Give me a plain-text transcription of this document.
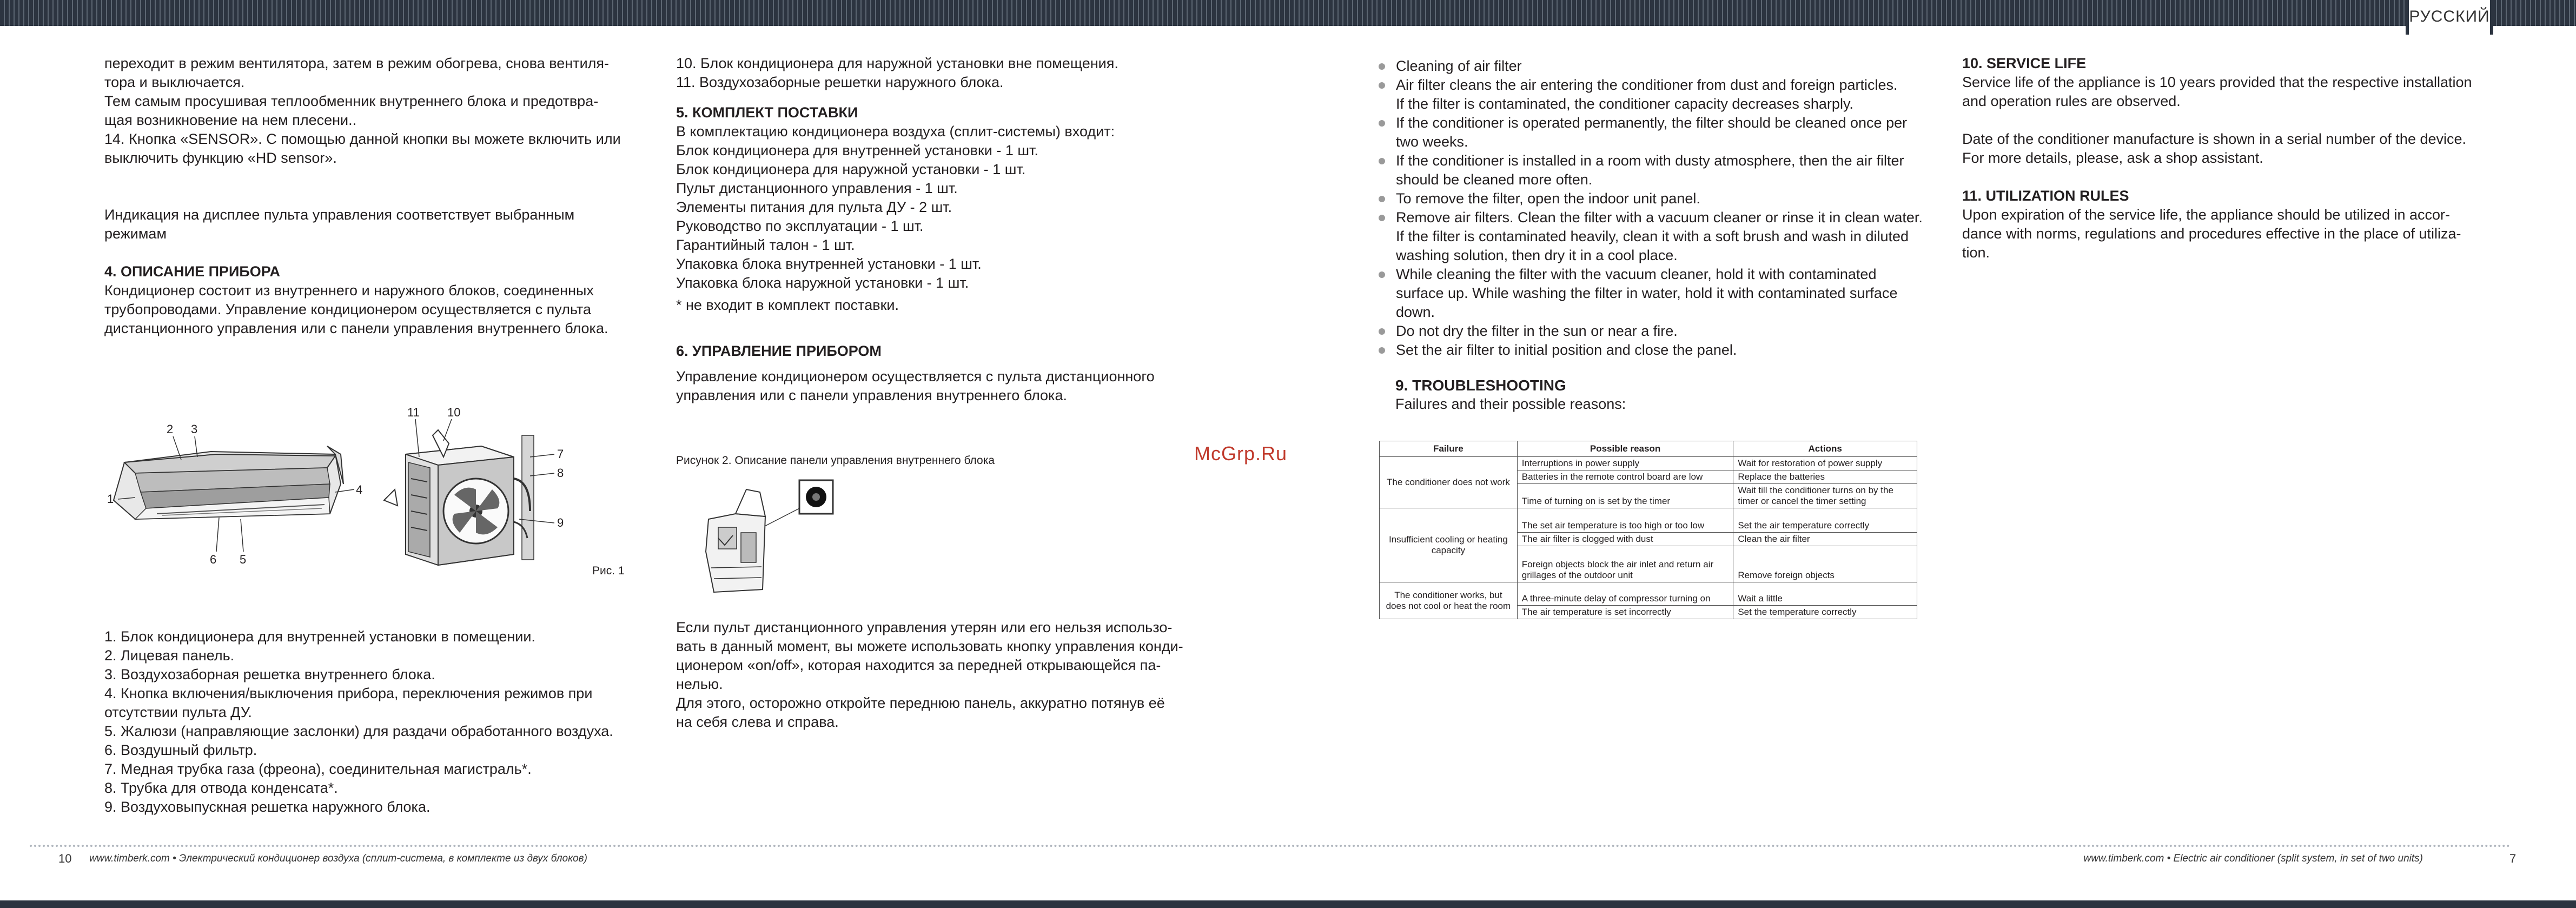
РУССКИЙ

переходит в режим вентилятора, затем в режим обогрева, снова вентиля-

тора и выключается.

Тем самым просушивая теплообменник внутреннего блока и предотвра-

щая возникновение на нем плесени..

14. Кнопка «SENSOR». С помощью данной кнопки вы можете включить или

выключить функцию «HD sensor».

Индикация на дисплее пульта управления соответствует выбранным

режимам

4. ОПИСАНИЕ ПРИБОРА

Кондиционер состоит из внутреннего и наружного блоков, соединенных

трубопроводами. Управление кондиционером осуществляется с пульта

дистанционного управления или с панели управления внутреннего блока.

1
2 3
4
5
6
7
8
9
10
11
Рис. 1

1. Блок кондиционера для внутренней установки в помещении.

2. Лицевая панель.

3. Воздухозаборная решетка внутреннего блока.

4. Кнопка включения/выключения прибора, переключения режимов при

отсутствии пульта ДУ.

5. Жалюзи (направляющие заслонки) для раздачи обработанного воздуха.

6. Воздушный фильтр.

7. Медная трубка газа (фреона), соединительная магистраль*.

8. Трубка для отвода конденсата*.

9. Воздуховыпускная решетка наружного блока.

10. Блок кондиционера для наружной установки вне помещения.

11. Воздухозаборные решетки наружного блока.

5. КОМПЛЕКТ ПОСТАВКИ

В комплектацию кондиционера воздуха (сплит-системы) входит:

Блок кондиционера для внутренней установки - 1 шт.

Блок кондиционера для наружной установки - 1 шт.

Пульт дистанционного управления - 1 шт.

Элементы питания для пульта ДУ - 2 шт.

Руководство по эксплуатации - 1 шт.

Гарантийный талон - 1 шт.

Упаковка блока внутренней установки - 1 шт.

Упаковка блока наружной установки - 1 шт.

* не входит в комплект поставки.

6. УПРАВЛЕНИЕ ПРИБОРОМ

Управление кондиционером осуществляется с пульта дистанционного

управления или с панели управления внутреннего блока.

Рисунок 2. Описание панели управления внутреннего блока

Если пульт дистанционного управления утерян или его нельзя использо-

вать в данный момент, вы можете использовать кнопку управления конди-

ционером «on/off», которая находится за передней открывающейся па-

нелью.

Для этого, осторожно откройте переднюю панель, аккуратно потянув её

на себя слева и справа.

McGrp.Ru

Cleaning of air filter

Air filter cleans the air entering the conditioner from dust and foreign particles.

If the filter is contaminated, the conditioner capacity decreases sharply.

If the conditioner is operated permanently, the filter should be cleaned once per

two weeks.

If the conditioner is installed in a room with dusty atmosphere, then the air filter

should be cleaned more often.

To remove the filter, open the indoor unit panel.

Remove air filters. Clean the filter with a vacuum cleaner or rinse it in clean water.

If the filter is contaminated heavily, clean it with a soft brush and wash in diluted

washing solution, then dry it in a cool place.

While cleaning the filter with the vacuum cleaner, hold it with contaminated

surface up. While washing the filter in water, hold it with contaminated surface

down.

Do not dry the filter in the sun or near a fire.

Set the air filter to initial position and close the panel.

9. TROUBLESHOOTING

Failures and their possible reasons:

Failure	Possible reason	Actions
The conditioner does not work	Interruptions in power supply	Wait for restoration of power supply
	Batteries in the remote control board are low	Replace the batteries
	Time of turning on is set by the timer	Wait till the conditioner turns on by the timer or cancel the timer setting
Insufficient cooling or heating capacity	The set air temperature is too high or too low	Set the air temperature correctly
	The air filter is clogged with dust	Clean the air filter
	Foreign objects block the air inlet and return air grillages of the outdoor unit	Remove foreign objects
The conditioner works, but does not cool or heat the room	A three-minute delay of compressor turning on	Wait a little
	The air temperature is set incorrectly	Set the temperature correctly

10. SERVICE LIFE

Service life of the appliance is 10 years provided that the respective installation

and operation rules are observed.

Date of the conditioner manufacture is shown in a serial number of the device.

For more details, please, ask a shop assistant.

11. UTILIZATION RULES

Upon expiration of the service life, the appliance should be utilized in accor-

dance with norms, regulations and procedures effective in the place of utiliza-

tion.

10 www.timberk.com • Электрический кондиционер воздуха (сплит-система, в комплекте из двух блоков)	www.timberk.com • Electric air conditioner (split system, in set of two units)	7
